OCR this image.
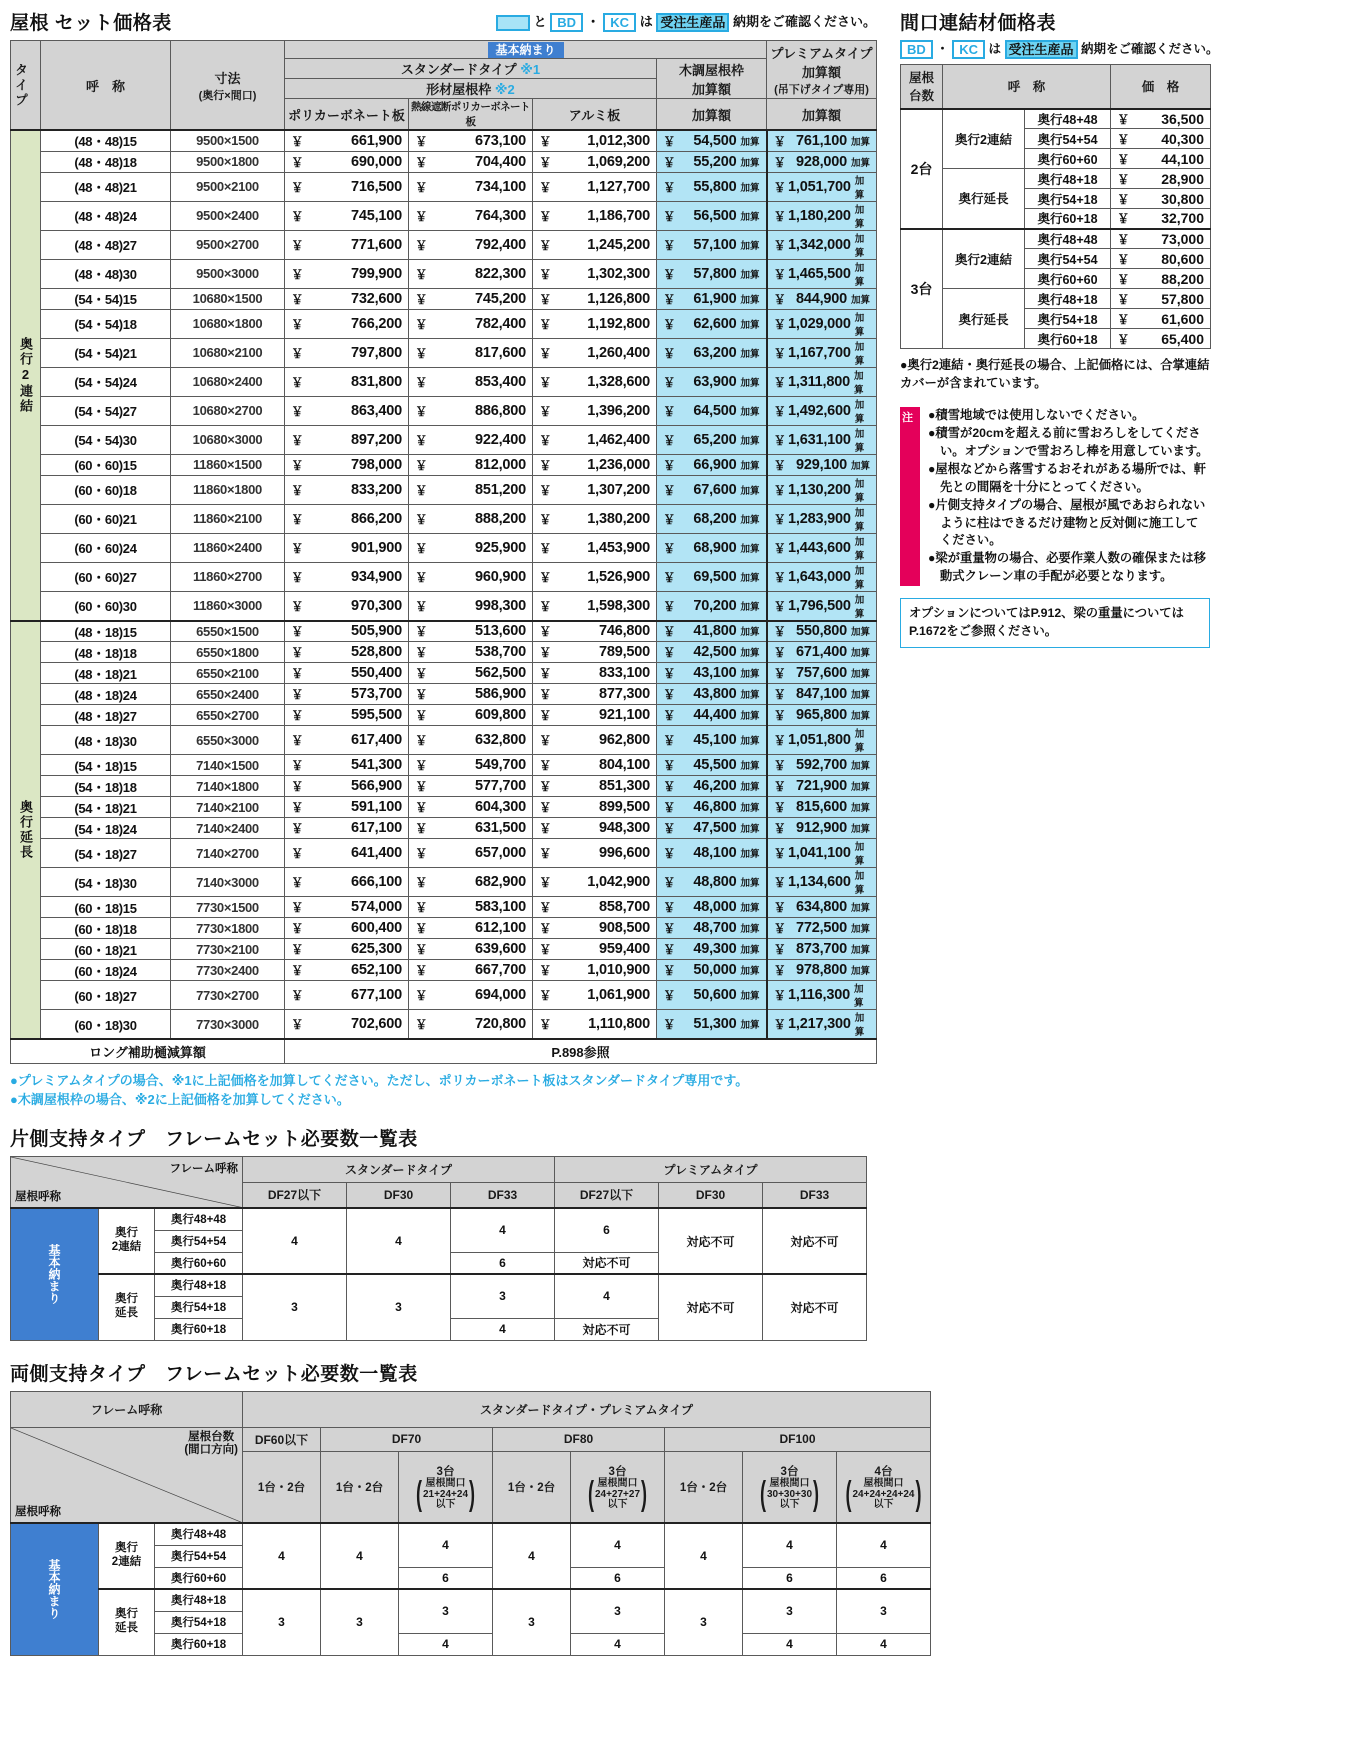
屋根 セット価格表	と BD ・ KC は 受注生産品 納期をご確認ください。
タイプ	呼　称	寸法
(奥行×間口)
	基本納まり	プレミアムタイプ
加算額
(吊下げタイプ専用)

			スタンダードタイプ ※1			木調屋根枠
加算額	

			形材屋根枠 ※2				
			ポリカーボネート板	熱線遮断ポリカーボネート板	アルミ板	加算額	加算額

奥行2連結	(48・48)15	9500×1500	￥ 661,900	￥ 673,100	￥ 1,012,300	￥ 54,500 加算	￥ 761,100 加算

	(48・48)18	9500×1800	￥ 690,000	￥ 704,400	￥ 1,069,200	￥ 55,200 加算	￥ 928,000 加算

	(48・48)21	9500×2100	￥ 716,500	￥ 734,100	￥ 1,127,700	￥ 55,800 加算	￥ 1,051,700 加算

	(48・48)24	9500×2400	￥ 745,100	￥ 764,300	￥ 1,186,700	￥ 56,500 加算	￥ 1,180,200 加算

	(48・48)27	9500×2700	￥ 771,600	￥ 792,400	￥ 1,245,200	￥ 57,100 加算	￥ 1,342,000 加算

	(48・48)30	9500×3000	￥ 799,900	￥ 822,300	￥ 1,302,300	￥ 57,800 加算	￥ 1,465,500 加算

	(54・54)15	10680×1500	￥ 732,600	￥ 745,200	￥ 1,126,800	￥ 61,900 加算	￥ 844,900 加算

	(54・54)18	10680×1800	￥ 766,200	￥ 782,400	￥ 1,192,800	￥ 62,600 加算	￥ 1,029,000 加算

	(54・54)21	10680×2100	￥ 797,800	￥ 817,600	￥ 1,260,400	￥ 63,200 加算	￥ 1,167,700 加算

	(54・54)24	10680×2400	￥ 831,800	￥ 853,400	￥ 1,328,600	￥ 63,900 加算	￥ 1,311,800 加算

	(54・54)27	10680×2700	￥ 863,400	￥ 886,800	￥ 1,396,200	￥ 64,500 加算	￥ 1,492,600 加算

	(54・54)30	10680×3000	￥ 897,200	￥ 922,400	￥ 1,462,400	￥ 65,200 加算	￥ 1,631,100 加算

	(60・60)15	11860×1500	￥ 798,000	￥ 812,000	￥ 1,236,000	￥ 66,900 加算	￥ 929,100 加算

	(60・60)18	11860×1800	￥ 833,200	￥ 851,200	￥ 1,307,200	￥ 67,600 加算	￥ 1,130,200 加算

	(60・60)21	11860×2100	￥ 866,200	￥ 888,200	￥ 1,380,200	￥ 68,200 加算	￥ 1,283,900 加算

	(60・60)24	11860×2400	￥ 901,900	￥ 925,900	￥ 1,453,900	￥ 68,900 加算	￥ 1,443,600 加算

	(60・60)27	11860×2700	￥ 934,900	￥ 960,900	￥ 1,526,900	￥ 69,500 加算	￥ 1,643,000 加算

	(60・60)30	11860×3000	￥ 970,300	￥ 998,300	￥ 1,598,300	￥ 70,200 加算	￥ 1,796,500 加算

奥行延長	(48・18)15	6550×1500	￥ 505,900	￥ 513,600	￥ 746,800	￥ 41,800 加算	￥ 550,800 加算

	(48・18)18	6550×1800	￥ 528,800	￥ 538,700	￥ 789,500	￥ 42,500 加算	￥ 671,400 加算

	(48・18)21	6550×2100	￥ 550,400	￥ 562,500	￥ 833,100	￥ 43,100 加算	￥ 757,600 加算

	(48・18)24	6550×2400	￥ 573,700	￥ 586,900	￥ 877,300	￥ 43,800 加算	￥ 847,100 加算

	(48・18)27	6550×2700	￥ 595,500	￥ 609,800	￥ 921,100	￥ 44,400 加算	￥ 965,800 加算

	(48・18)30	6550×3000	￥ 617,400	￥ 632,800	￥ 962,800	￥ 45,100 加算	￥ 1,051,800 加算

	(54・18)15	7140×1500	￥ 541,300	￥ 549,700	￥ 804,100	￥ 45,500 加算	￥ 592,700 加算

	(54・18)18	7140×1800	￥ 566,900	￥ 577,700	￥ 851,300	￥ 46,200 加算	￥ 721,900 加算

	(54・18)21	7140×2100	￥ 591,100	￥ 604,300	￥ 899,500	￥ 46,800 加算	￥ 815,600 加算

	(54・18)24	7140×2400	￥ 617,100	￥ 631,500	￥ 948,300	￥ 47,500 加算	￥ 912,900 加算

	(54・18)27	7140×2700	￥ 641,400	￥ 657,000	￥ 996,600	￥ 48,100 加算	￥ 1,041,100 加算

	(54・18)30	7140×3000	￥ 666,100	￥ 682,900	￥ 1,042,900	￥ 48,800 加算	￥ 1,134,600 加算

	(60・18)15	7730×1500	￥ 574,000	￥ 583,100	￥ 858,700	￥ 48,000 加算	￥ 634,800 加算

	(60・18)18	7730×1800	￥ 600,400	￥ 612,100	￥ 908,500	￥ 48,700 加算	￥ 772,500 加算

	(60・18)21	7730×2100	￥ 625,300	￥ 639,600	￥ 959,400	￥ 49,300 加算	￥ 873,700 加算

	(60・18)24	7730×2400	￥ 652,100	￥ 667,700	￥ 1,010,900	￥ 50,000 加算	￥ 978,800 加算

	(60・18)27	7730×2700	￥ 677,100	￥ 694,000	￥ 1,061,900	￥ 50,600 加算	￥ 1,116,300 加算

	(60・18)30	7730×3000	￥ 702,600	￥ 720,800	￥ 1,110,800	￥ 51,300 加算	￥ 1,217,300 加算

ロング補助樋減算額			P.898参照				
●プレミアムタイプの場合、※1に上記価格を加算してください。ただし、ポリカーボネート板はスタンダードタイプ専用です。
●木調屋根枠の場合、※2に上記価格を加算してください。
間口連結材価格表
BD ・ KC は 受注生産品 納期をご確認ください。
屋根
台数	呼　称		価　格
2台	奥行2連結	奥行48+48	￥ 36,500

		奥行54+54	￥ 40,300

		奥行60+60	￥ 44,100

	奥行延長	奥行48+18	￥ 28,900

		奥行54+18	￥ 30,800

		奥行60+18	￥ 32,700

3台	奥行2連結	奥行48+48	￥ 73,000

		奥行54+54	￥ 80,600

		奥行60+60	￥ 88,200

	奥行延長	奥行48+18	￥ 57,800

		奥行54+18	￥ 61,600

		奥行60+18	￥ 65,400
●奥行2連結・奥行延長の場合、上記価格には、合掌連結カバーが含まれています。
注 ●積雪地域では使用しないでください。
●積雪が20cmを超える前に雪おろしをしてください。オプションで雪おろし棒を用意しています。
●屋根などから落雪するおそれがある場所では、軒先との間隔を十分にとってください。
●片側支持タイプの場合、屋根が風であおられないように柱はできるだけ建物と反対側に施工してください。
●梁が重量物の場合、必要作業人数の確保または移動式クレーン車の手配が必要となります。
オプションについてはP.912、梁の重量についてはP.1672をご参照ください。
片側支持タイプ　フレームセット必要数一覧表
フレーム呼称
屋根呼称			スタンダードタイプ			プレミアムタイプ		
			DF27以下	DF30	DF33	DF27以下	DF30	DF33
基本納まり	奥行
2連結	奥行48+48	4	4	4	6	対応不可	対応不可
		奥行54+54						
		奥行60+60			6	対応不可		
	奥行
延長	奥行48+18	3	3	3	4	対応不可	対応不可
		奥行54+18						
		奥行60+18			4	対応不可		
両側支持タイプ　フレームセット必要数一覧表
フレーム呼称			スタンダードタイプ・プレミアムタイプ							

屋根台数
(間口方向)
屋根呼称			DF60以下	DF70		DF80		DF100		

1台・2台	1台・2台

3台
( 屋根間口
21+24+24
以下 )	1台・2台

3台
( 屋根間口
24+27+27
以下 )	1台・2台

3台
( 屋根間口
30+30+30
以下 )

4台
(	屋根間口
24+24+24+24
以下	)

基本納まり	奥行
2連結	奥行48+48	4	4	4	4	4	4	4	4
		奥行54+54								
		奥行60+60			6		6		6	6
	奥行
延長	奥行48+18	3	3	3	3	3	3	3	3
		奥行54+18								
		奥行60+18			4		4		4	4
